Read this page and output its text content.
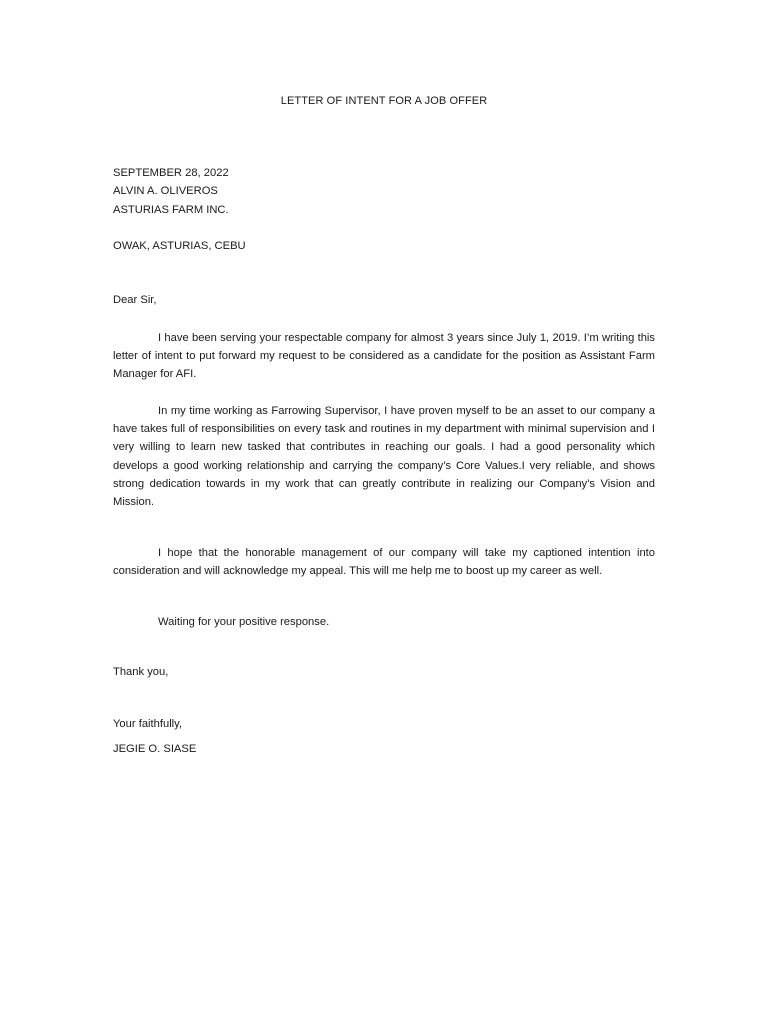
LETTER OF INTENT FOR A JOB OFFER
SEPTEMBER 28, 2022
ALVIN A. OLIVEROS
ASTURIAS FARM INC.
OWAK, ASTURIAS, CEBU
Dear Sir,

I have been serving your respectable company for almost 3 years since July 1, 2019. I’m writing this letter of intent to put forward my request to be considered as a candidate for the position as Assistant Farm Manager for AFI.

In my time working as Farrowing Supervisor, I have proven myself to be an asset to our company a have takes full of responsibilities on every task and routines in my department with minimal supervision and I very willing to learn new tasked that contributes in reaching our goals. I had a good personality which develops a good working relationship and carrying the company’s Core Values.I very reliable, and shows strong dedication towards in my work that can greatly contribute in realizing our Company’s Vision and Mission.

I hope that the honorable management of our company will take my captioned intention into consideration and will acknowledge my appeal. This will me help me to boost up my career as well.

Waiting for your positive response.

Thank you,
Your faithfully,
JEGIE O. SIASE
